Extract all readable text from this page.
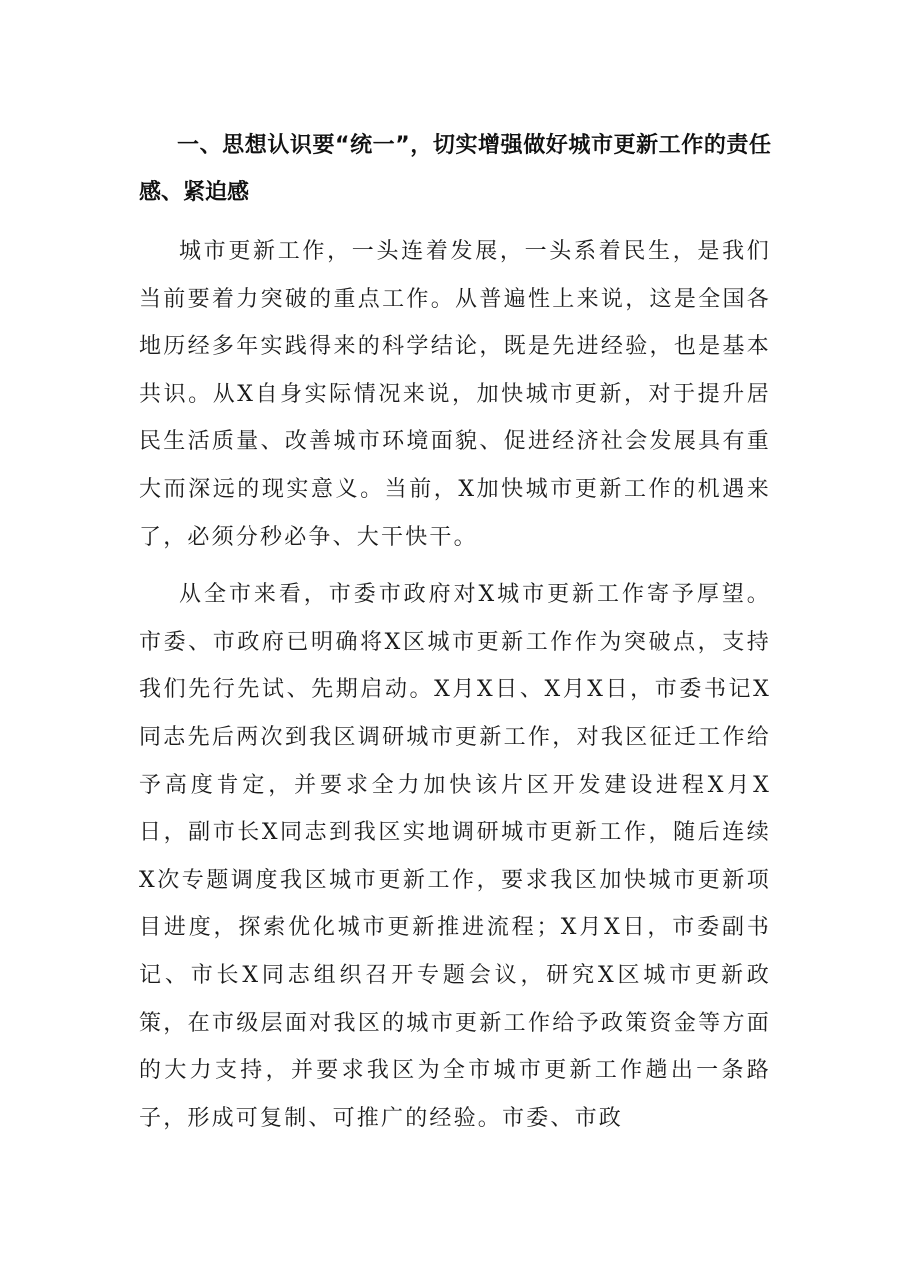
一、思想认识要“统一”，切实增强做好城市更新工作的责任感、紧迫感

城市更新工作，一头连着发展，一头系着民生，是我们当前要着力突破的重点工作。从普遍性上来说，这是全国各地历经多年实践得来的科学结论，既是先进经验，也是基本共识。从X自身实际情况来说，加快城市更新，对于提升居民生活质量、改善城市环境面貌、促进经济社会发展具有重大而深远的现实意义。当前，X加快城市更新工作的机遇来了，必须分秒必争、大干快干。

从全市来看，市委市政府对X城市更新工作寄予厚望。市委、市政府已明确将X区城市更新工作作为突破点，支持我们先行先试、先期启动。X月X日、X月X日，市委书记X同志先后两次到我区调研城市更新工作，对我区征迁工作给予高度肯定，并要求全力加快该片区开发建设进程X月X日，副市长X同志到我区实地调研城市更新工作，随后连续X次专题调度我区城市更新工作，要求我区加快城市更新项目进度，探索优化城市更新推进流程；X月X日，市委副书记、市长X同志组织召开专题会议，研究X区城市更新政策，在市级层面对我区的城市更新工作给予政策资金等方面的大力支持，并要求我区为全市城市更新工作趟出一条路子，形成可复制、可推广的经验。市委、市政
